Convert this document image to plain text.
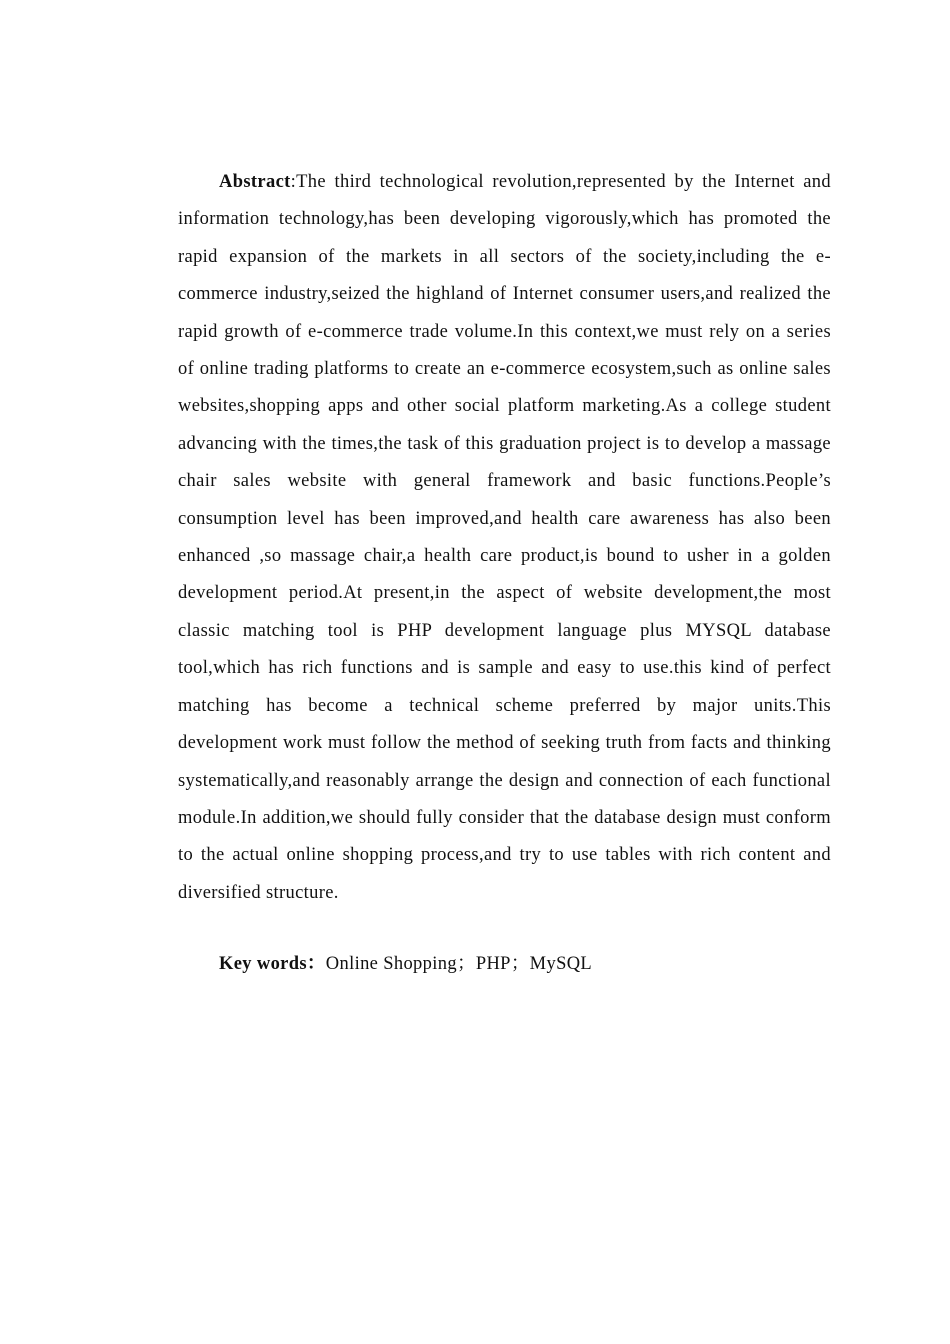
Abstract:The third technological revolution,represented by the Internet and information technology,has been developing vigorously,which has promoted the rapid expansion of the markets in all sectors of the society,including the e-commerce industry,seized the highland of Internet consumer users,and realized the rapid growth of e-commerce trade volume.In this context,we must rely on a series of online trading platforms to create an e-commerce ecosystem,such as online sales websites,shopping apps and other social platform marketing.As a college student advancing with the times,the task of this graduation project is to develop a massage chair sales website with general framework and basic functions.People’s consumption level has been improved,and health care awareness has also been enhanced ,so massage chair,a health care product,is bound to usher in a golden development period.At present,in the aspect of website development,the most classic matching tool is PHP development language plus MYSQL database tool,which has rich functions and is sample and easy to use.this kind of perfect matching has become a technical scheme preferred by major units.This development work must follow the method of seeking truth from facts and thinking systematically,and reasonably arrange the design and connection of each functional module.In addition,we should fully consider that the database design must conform to the actual online shopping process,and try to use tables with rich content and diversified structure.

Key words：Online Shopping；PHP；MySQL
